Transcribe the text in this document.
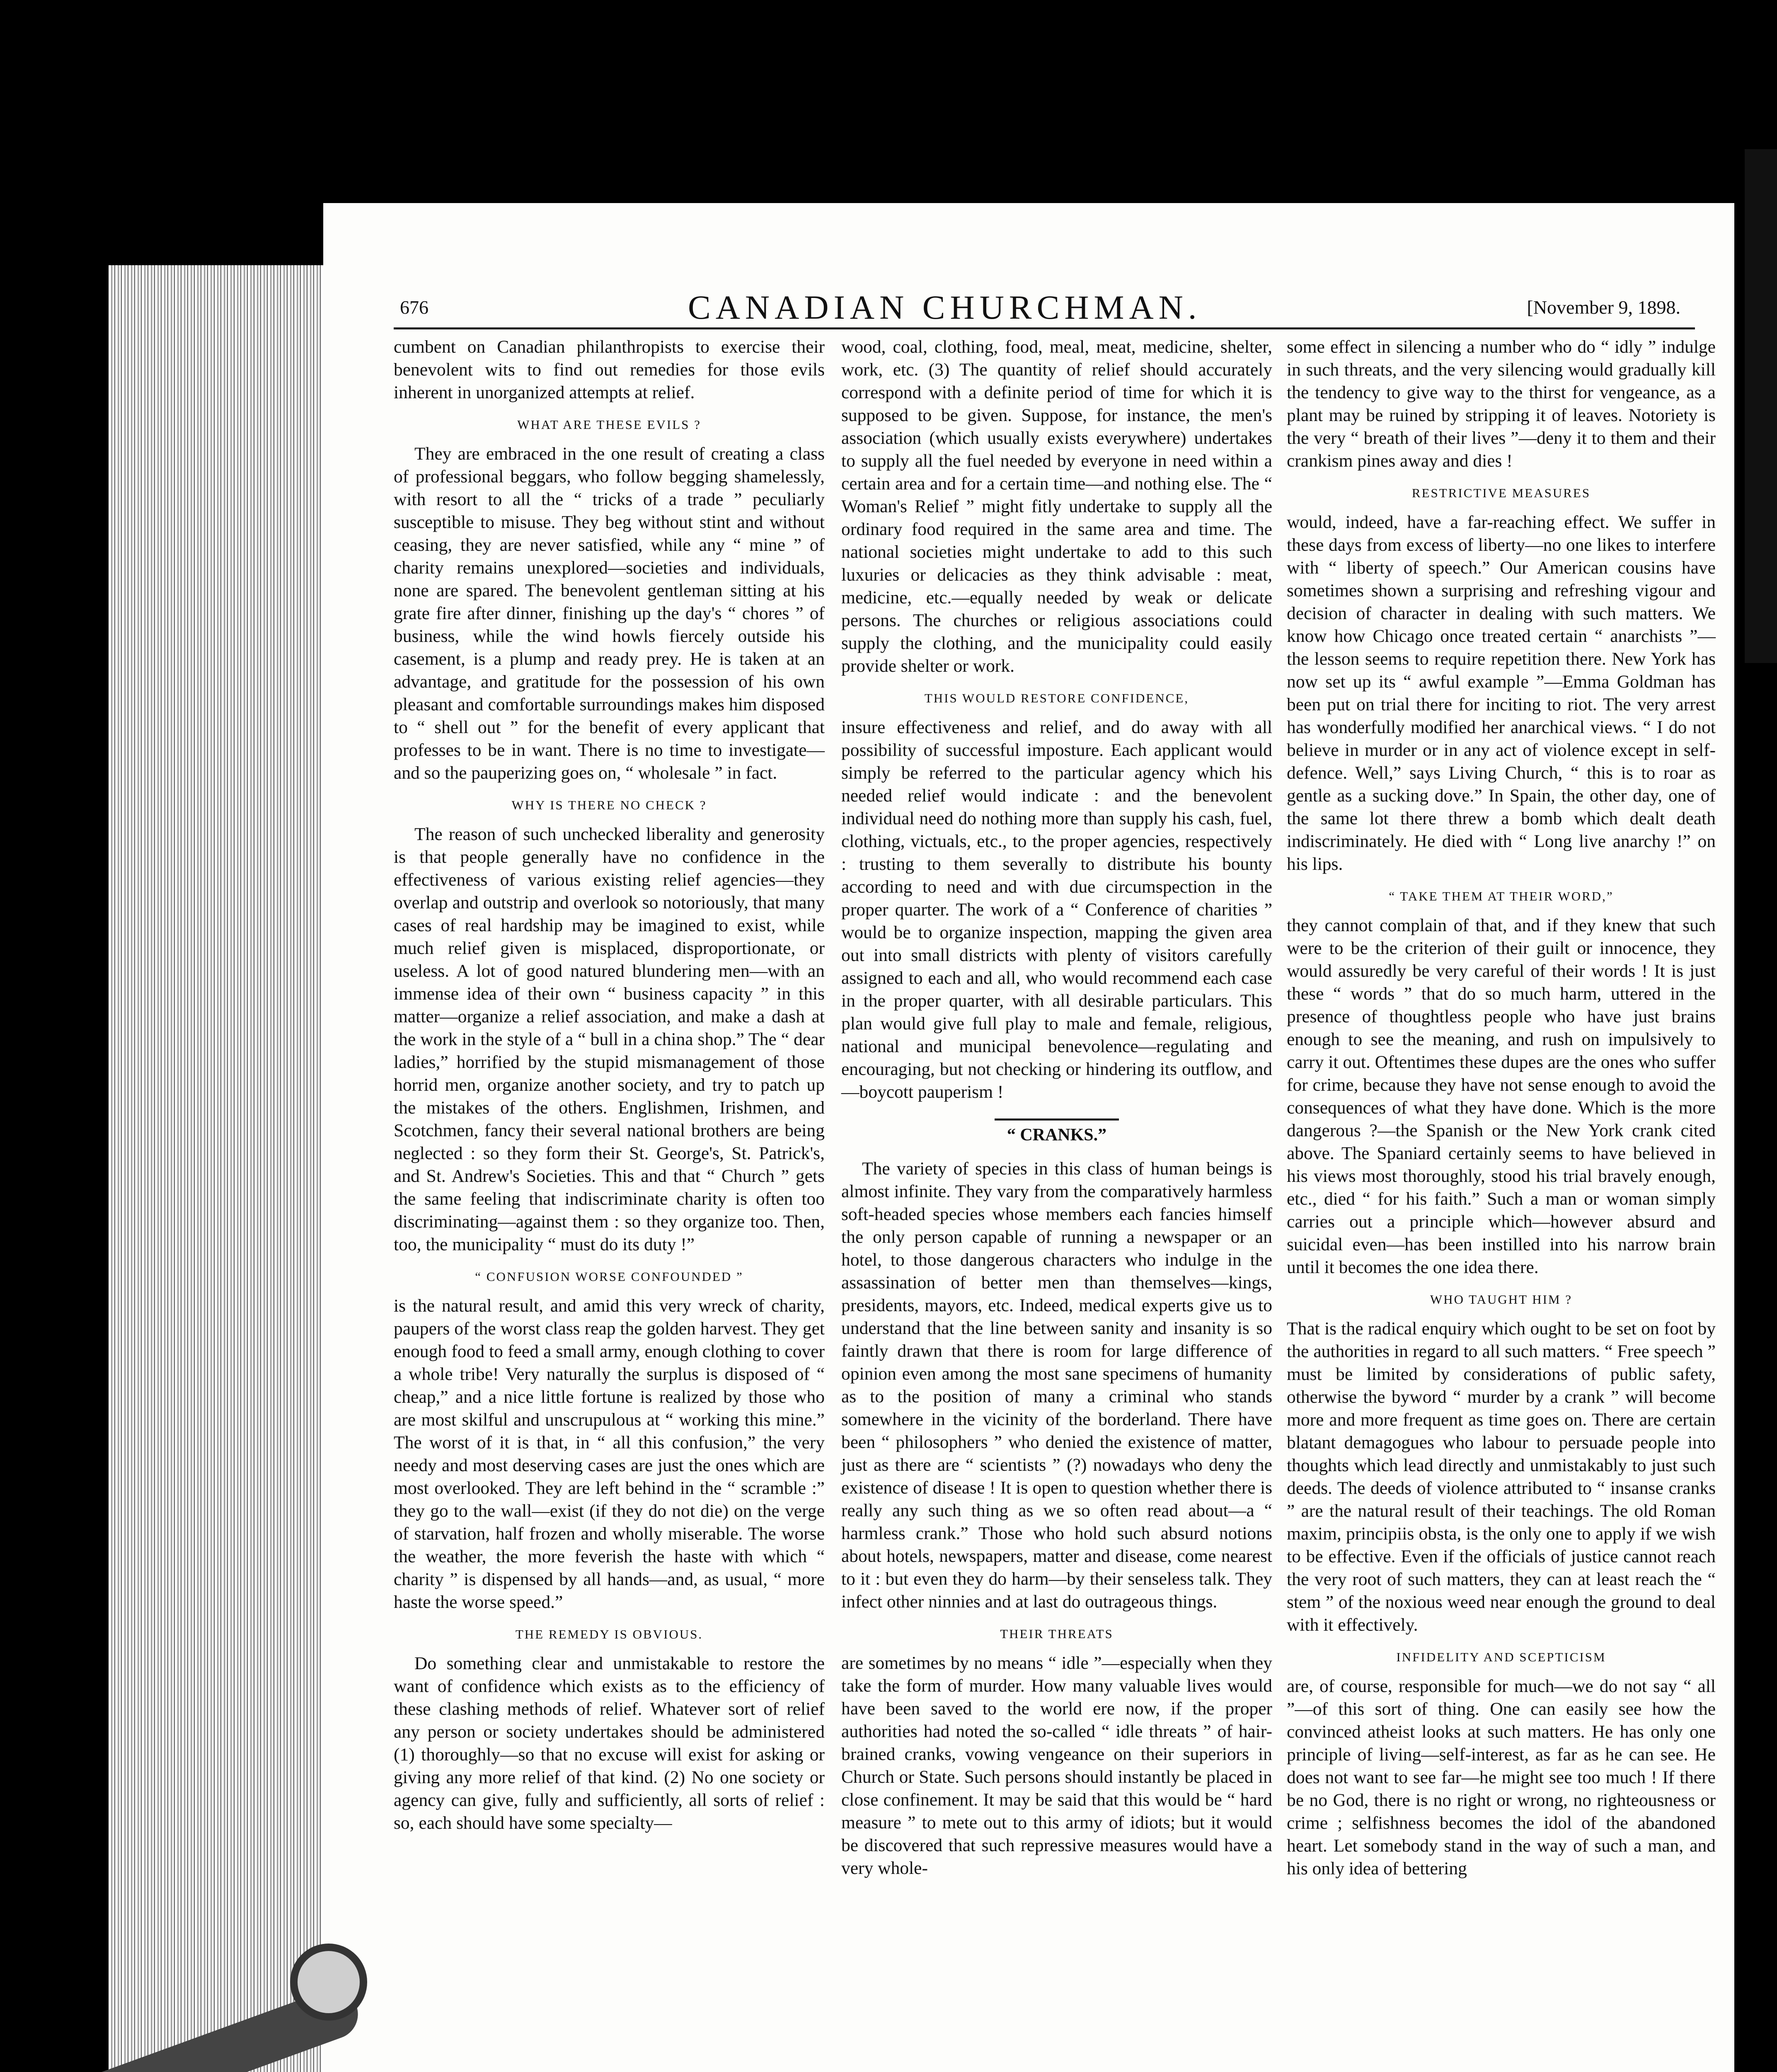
676	CANADIAN CHURCHMAN.	[November 9, 1898.

cumbent on Canadian philanthropists to exercise their benevolent wits to find out remedies for those evils inherent in unorganized attempts at relief.

WHAT ARE THESE EVILS ?

They are embraced in the one result of creating a class of professional beggars, who follow begging shamelessly, with resort to all the “ tricks of a trade ” peculiarly susceptible to misuse. They beg without stint and without ceasing, they are never satisfied, while any “ mine ” of charity remains unexplored—societies and individuals, none are spared. The benevolent gentleman sitting at his grate fire after dinner, finishing up the day's “ chores ” of business, while the wind howls fiercely outside his casement, is a plump and ready prey. He is taken at an advantage, and gratitude for the possession of his own pleasant and comfortable surroundings makes him disposed to “ shell out ” for the benefit of every applicant that professes to be in want. There is no time to investigate—and so the pauperizing goes on, “ wholesale ” in fact.

WHY IS THERE NO CHECK ?

The reason of such unchecked liberality and generosity is that people generally have no confidence in the effectiveness of various existing relief agencies—they overlap and outstrip and overlook so notoriously, that many cases of real hardship may be imagined to exist, while much relief given is misplaced, disproportionate, or useless. A lot of good natured blundering men—with an immense idea of their own “ business capacity ” in this matter—organize a relief association, and make a dash at the work in the style of a “ bull in a china shop.” The “ dear ladies,” horrified by the stupid mismanagement of those horrid men, organize another society, and try to patch up the mistakes of the others. Englishmen, Irishmen, and Scotchmen, fancy their several national brothers are being neglected : so they form their St. George's, St. Patrick's, and St. Andrew's Societies. This and that “ Church ” gets the same feeling that indiscriminate charity is often too discriminating—against them : so they organize too. Then, too, the municipality “ must do its duty !”

“ CONFUSION WORSE CONFOUNDED ”

is the natural result, and amid this very wreck of charity, paupers of the worst class reap the golden harvest. They get enough food to feed a small army, enough clothing to cover a whole tribe! Very naturally the surplus is disposed of “ cheap,” and a nice little fortune is realized by those who are most skilful and unscrupulous at “ working this mine.” The worst of it is that, in “ all this confusion,” the very needy and most deserving cases are just the ones which are most overlooked. They are left behind in the “ scramble :” they go to the wall—exist (if they do not die) on the verge of starvation, half frozen and wholly miserable. The worse the weather, the more feverish the haste with which “ charity ” is dispensed by all hands—and, as usual, “ more haste the worse speed.”

THE REMEDY IS OBVIOUS.

Do something clear and unmistakable to restore the want of confidence which exists as to the efficiency of these clashing methods of relief. Whatever sort of relief any person or society undertakes should be administered (1) thoroughly—so that no excuse will exist for asking or giving any more relief of that kind. (2) No one society or agency can give, fully and sufficiently, all sorts of relief : so, each should have some specialty—

wood, coal, clothing, food, meal, meat, medicine, shelter, work, etc. (3) The quantity of relief should accurately correspond with a definite period of time for which it is supposed to be given. Suppose, for instance, the men's association (which usually exists everywhere) undertakes to supply all the fuel needed by everyone in need within a certain area and for a certain time—and nothing else. The “ Woman's Relief ” might fitly undertake to supply all the ordinary food required in the same area and time. The national societies might undertake to add to this such luxuries or delicacies as they think advisable : meat, medicine, etc.—equally needed by weak or delicate persons. The churches or religious associations could supply the clothing, and the municipality could easily provide shelter or work.

THIS WOULD RESTORE CONFIDENCE,

insure effectiveness and relief, and do away with all possibility of successful imposture. Each applicant would simply be referred to the particular agency which his needed relief would indicate : and the benevolent individual need do nothing more than supply his cash, fuel, clothing, victuals, etc., to the proper agencies, respectively : trusting to them severally to distribute his bounty according to need and with due circumspection in the proper quarter. The work of a “ Conference of charities ” would be to organize inspection, mapping the given area out into small districts with plenty of visitors carefully assigned to each and all, who would recommend each case in the proper quarter, with all desirable particulars. This plan would give full play to male and female, religious, national and municipal benevolence—regulating and encouraging, but not checking or hindering its outflow, and—boycott pauperism !

“ CRANKS.”

The variety of species in this class of human beings is almost infinite. They vary from the comparatively harmless soft-headed species whose members each fancies himself the only person capable of running a newspaper or an hotel, to those dangerous characters who indulge in the assassination of better men than themselves—kings, presidents, mayors, etc. Indeed, medical experts give us to understand that the line between sanity and insanity is so faintly drawn that there is room for large difference of opinion even among the most sane specimens of humanity as to the position of many a criminal who stands somewhere in the vicinity of the borderland. There have been “ philosophers ” who denied the existence of matter, just as there are “ scientists ” (?) nowadays who deny the existence of disease ! It is open to question whether there is really any such thing as we so often read about—a “ harmless crank.” Those who hold such absurd notions about hotels, newspapers, matter and disease, come nearest to it : but even they do harm—by their senseless talk. They infect other ninnies and at last do outrageous things.

THEIR THREATS

are sometimes by no means “ idle ”—especially when they take the form of murder. How many valuable lives would have been saved to the world ere now, if the proper authorities had noted the so-called “ idle threats ” of hair-brained cranks, vowing vengeance on their superiors in Church or State. Such persons should instantly be placed in close confinement. It may be said that this would be “ hard measure ” to mete out to this army of idiots; but it would be discovered that such repressive measures would have a very whole-

some effect in silencing a number who do “ idly ” indulge in such threats, and the very silencing would gradually kill the tendency to give way to the thirst for vengeance, as a plant may be ruined by stripping it of leaves. Notoriety is the very “ breath of their lives ”—deny it to them and their crankism pines away and dies !

RESTRICTIVE MEASURES

would, indeed, have a far-reaching effect. We suffer in these days from excess of liberty—no one likes to interfere with “ liberty of speech.” Our American cousins have sometimes shown a surprising and refreshing vigour and decision of character in dealing with such matters. We know how Chicago once treated certain “ anarchists ”— the lesson seems to require repetition there. New York has now set up its “ awful example ”—Emma Goldman has been put on trial there for inciting to riot. The very arrest has wonderfully modified her anarchical views. “ I do not believe in murder or in any act of violence except in self-defence. Well,” says Living Church, “ this is to roar as gentle as a sucking dove.” In Spain, the other day, one of the same lot there threw a bomb which dealt death indiscriminately. He died with “ Long live anarchy !” on his lips.

“ TAKE THEM AT THEIR WORD,”

they cannot complain of that, and if they knew that such were to be the criterion of their guilt or innocence, they would assuredly be very careful of their words ! It is just these “ words ” that do so much harm, uttered in the presence of thoughtless people who have just brains enough to see the meaning, and rush on impulsively to carry it out. Oftentimes these dupes are the ones who suffer for crime, because they have not sense enough to avoid the consequences of what they have done. Which is the more dangerous ?—the Spanish or the New York crank cited above. The Spaniard certainly seems to have believed in his views most thoroughly, stood his trial bravely enough, etc., died “ for his faith.” Such a man or woman simply carries out a principle which—however absurd and suicidal even—has been instilled into his narrow brain until it becomes the one idea there.

WHO TAUGHT HIM ?

That is the radical enquiry which ought to be set on foot by the authorities in regard to all such matters. “ Free speech ” must be limited by considerations of public safety, otherwise the byword “ murder by a crank ” will become more and more frequent as time goes on. There are certain blatant demagogues who labour to persuade people into thoughts which lead directly and unmistakably to just such deeds. The deeds of violence attributed to “ insanse cranks ” are the natural result of their teachings. The old Roman maxim, principiis obsta, is the only one to apply if we wish to be effective. Even if the officials of justice cannot reach the very root of such matters, they can at least reach the “ stem ” of the noxious weed near enough the ground to deal with it effectively.

INFIDELITY AND SCEPTICISM

are, of course, responsible for much—we do not say “ all ”—of this sort of thing. One can easily see how the convinced atheist looks at such matters. He has only one principle of living—self-interest, as far as he can see. He does not want to see far—he might see too much ! If there be no God, there is no right or wrong, no righteousness or crime ; selfishness becomes the idol of the abandoned heart. Let somebody stand in the way of such a man, and his only idea of bettering
